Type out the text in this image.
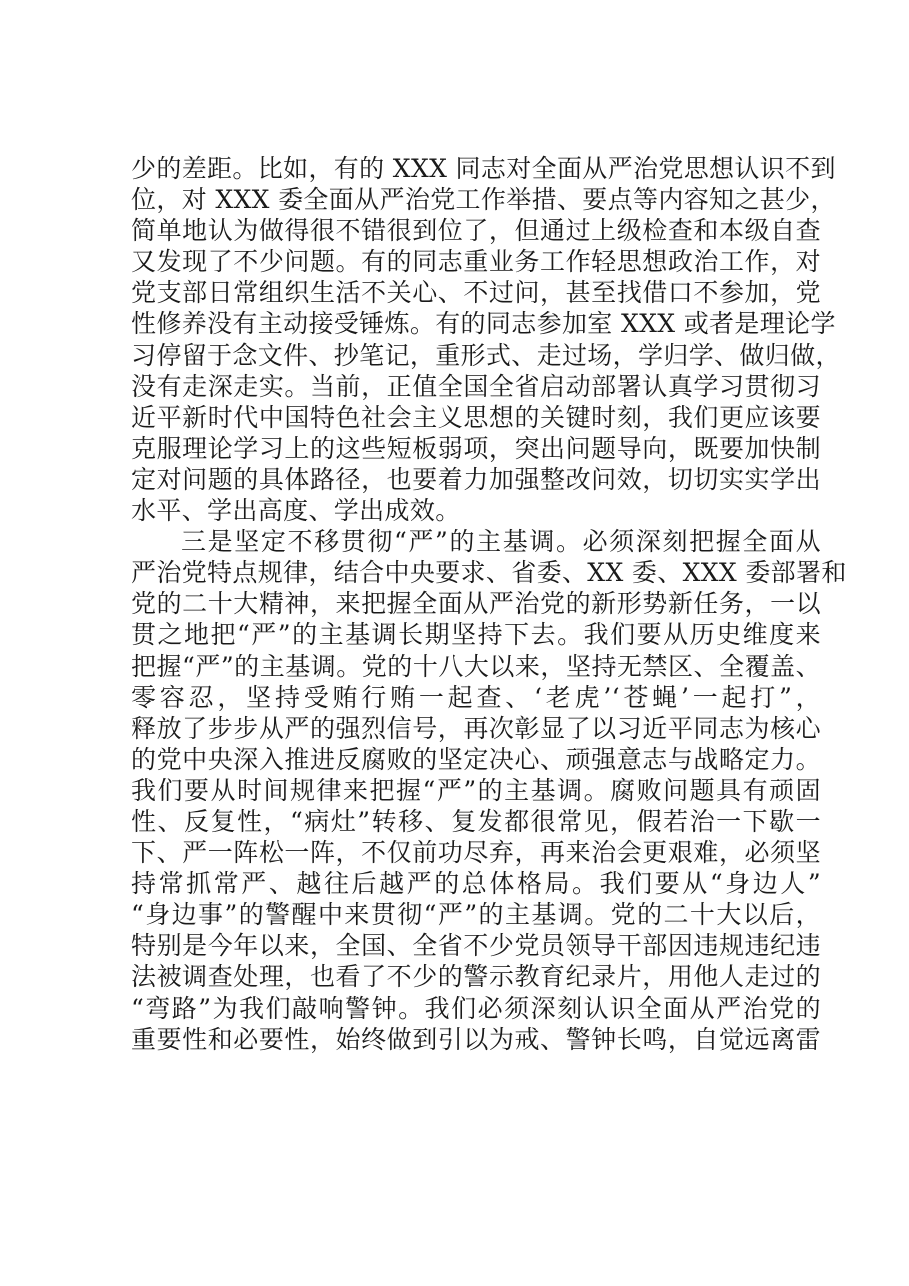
少的差距。比如，有的 XXX 同志对全面从严治党思想认识不到
位，对 XXX 委全面从严治党工作举措、要点等内容知之甚少，
简单地认为做得很不错很到位了，但通过上级检查和本级自查
又发现了不少问题。有的同志重业务工作轻思想政治工作，对
党支部日常组织生活不关心、不过问，甚至找借口不参加，党
性修养没有主动接受锤炼。有的同志参加室 XXX 或者是理论学
习停留于念文件、抄笔记，重形式、走过场，学归学、做归做，
没有走深走实。当前，正值全国全省启动部署认真学习贯彻习
近平新时代中国特色社会主义思想的关键时刻，我们更应该要
克服理论学习上的这些短板弱项，突出问题导向，既要加快制
定对问题的具体路径，也要着力加强整改问效，切切实实学出
水平、学出高度、学出成效。
三是坚定不移贯彻“严”的主基调。必须深刻把握全面从
严治党特点规律，结合中央要求、省委、XX 委、XXX 委部署和
党的二十大精神，来把握全面从严治党的新形势新任务，一以
贯之地把“严”的主基调长期坚持下去。我们要从历史维度来
把握“严”的主基调。党的十八大以来，坚持无禁区、全覆盖、
零容忍，坚持受贿行贿一起查、‘老虎’‘苍蝇’一起打”，
释放了步步从严的强烈信号，再次彰显了以习近平同志为核心
的党中央深入推进反腐败的坚定决心、顽强意志与战略定力。
我们要从时间规律来把握“严”的主基调。腐败问题具有顽固
性、反复性，“病灶”转移、复发都很常见，假若治一下歇一
下、严一阵松一阵，不仅前功尽弃，再来治会更艰难，必须坚
持常抓常严、越往后越严的总体格局。我们要从“身边人”
“身边事”的警醒中来贯彻“严”的主基调。党的二十大以后，
特别是今年以来，全国、全省不少党员领导干部因违规违纪违
法被调查处理，也看了不少的警示教育纪录片，用他人走过的
“弯路”为我们敲响警钟。我们必须深刻认识全面从严治党的
重要性和必要性，始终做到引以为戒、警钟长鸣，自觉远离雷
